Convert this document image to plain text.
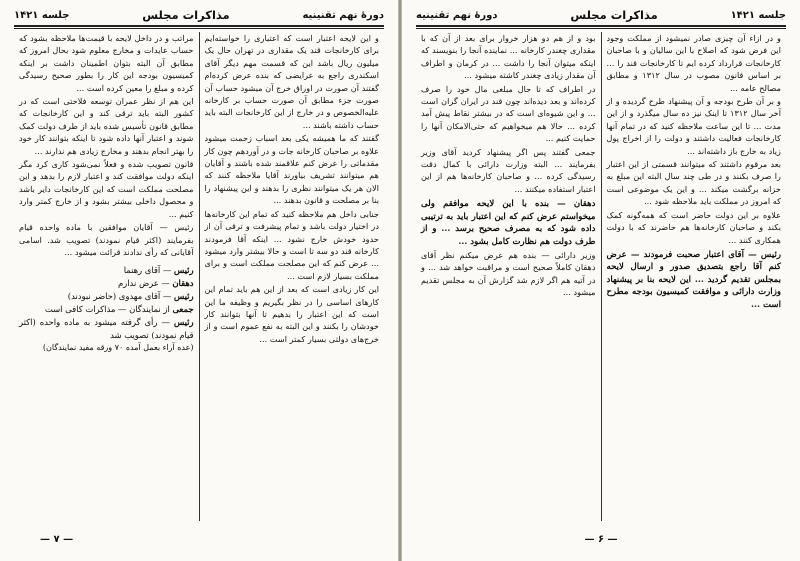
دورهٔ نهم تقنینیه
مذاکرات مجلس
جلسه ۱۴۲۱

و این لایحه اعتبار است که اعتباری را خواسته‌ایم برای کارخانجات قند یک مقداری در تهران حال یک میلیون ریال باشد این که قسمت مهم دیگر آقای اسکندری راجع به عرایضی که بنده عرض کرده‌ام گفتند آن صورت در اوراق خرج آن میشود حساب آن صورت جزء مطابق آن صورت حساب بر کارخانه علیه‌الخصوص و در خارج از این کارخانجات البته باید حساب داشته باشند ...

گفتند که ما همیشه یکی بعد اسباب زحمت میشود علاوه بر صاحبان کارخانه جات و در آوردهم چون کار مقدماتی را عرض کنم علاقمند شده باشند و آقایان هم میتوانند تشریف بیاورند آقایا ملاحظه کنند که الان هر یک میتوانند نظری را بدهند و این پیشنهاد را بنا بر مصلحت و قانون بدهند ...

جنابی داخل هم ملاحظه کنید که تمام این کارخانه‌ها در اختیار دولت باشد و تمام پیشرفت و ترقی آن از حدود خودش خارج نشود ... اینکه آقا فرمودند کارخانه قند دو سه تا است و حالا بیشتر وارد میشود ... عرض کنم که این مصلحت مملکت است و برای مملکت بسیار لازم است ...

این کار زیادی است که بعد از این هم باید تمام این کارهای اساسی را در نظر بگیریم و وظیفه ما این است که این اعتبار را بدهیم تا آنها بتوانند کار خودشان را بکنند و این البته به نفع عموم است و از خرج‌های دولتی بسیار کمتر است ...

مراتب و در داخل لایحه با قیمت‌ها ملاحظه بشود که حساب عایدات و مخارج معلوم شود بحال امروز که مطابق آن البته بتوان اطمینان داشت بر اینکه کمیسیون بودجه این کار را بطور صحیح رسیدگی کرده و مبلغ را معین کرده است ...

این هم از نظر عمران توسعه فلاحتی است که در کشور البته باید ترقی کند و این کارخانجات که مطابق قانون تأسیس شده باید از طرف دولت کمک شوند و اعتبار آنها داده شود تا اینکه بتوانند کار خود را بهتر انجام بدهند و مخارج زیادی هم ندارند ...

قانون تصویب شده و فعلاً نمی‌شود کاری کرد مگر اینکه دولت موافقت کند و اعتبار لازم را بدهد و این مصلحت مملکت است که این کارخانجات دایر باشد و محصول داخلی بیشتر بشود و از خارج کمتر وارد کنیم ...

رئیس — آقایان موافقین با ماده واحده قیام بفرمایند (اکثر قیام نمودند) تصویب شد. اسامی آقایانی که رأی ندادند قرائت میشود ...

رئیس — آقای رهنما
دهقان — عرض ندارم
رئیس — آقای مهدوی (حاضر نبودند)
جمعی از نمایندگان — مذاکرات کافی است
رئیس — رأی گرفته میشود به ماده واحده (اکثر قیام نمودند) تصویب شد

(عده آراء بعمل آمده ۷۰ ورقه مفید نمایندگان)

— ۷ —
جلسه ۱۴۲۱
مذاکرات مجلس
دورهٔ نهم تقنینیه

و در ازاء آن چیزی صادر نمیشود از مملکت وجود این فرض شود که اصلاح با این سالیان و با صاحبان کارخانجات قرارداد کرده ایم تا کارخانجات قند را ... بر اساس قانون مصوب در سال ۱۳۱۲ و مطابق مصالح عامه ...

و بر آن طرح بودجه و آن پیشنهاد طرح گردیده و از آخر سال ۱۳۱۲ تا اینک نیز ده سال میگذرد و از این مدت ... تا این ساعت ملاحظه کنید که در تمام آنها کارخانجات فعالیت داشتند و دولت را از اخراج پول زیاد به خارج باز داشته‌اند ...

بعد مرقوم داشتند که میتوانند قسمتی از این اعتبار را صرف بکنند و در طی چند سال البته این مبلغ به خزانه برگشت میکند ... و این یک موضوعی است که امروز در مملکت باید ملاحظه شود ...

علاوه بر این دولت حاضر است که همه‌گونه کمک بکند و صاحبان کارخانه‌ها هم حاضرند که با دولت همکاری کنند ...

رئیس — آقای اعتبار صحبت فرمودند — عرض کنم آقا راجع بتصدیق صدور و ارسال لایحه بمجلس تقدیم گردید ... این لایحه بنا بر پیشنهاد وزارت دارائی و موافقت کمیسیون بودجه مطرح است ...

بود و از هم دو هزار خروار برای بعد از آن که با مقداری چغندر کارخانه ... نماینده آنجا را بنویسند که اینکه میتوان آنجا را داشت ... در کرمان و اطراف آن مقدار زیادی چغندر کاشته میشود ...

در اطراف که تا حال مبلغی مال خود را صرف کرده‌اند و بعد دیده‌اند چون قند در ایران گران است ... و این شیوه‌ای است که در بیشتر نقاط پیش آمد کرده ... حالا هم میخواهیم که حتی‌الامکان آنها را حمایت کنیم ...

جمعی گفتند پس اگر پیشنهاد کردید آقای وزیر بفرمایند ... البته وزارت دارائی با کمال دقت رسیدگی کرده ... و صاحبان کارخانه‌ها هم از این اعتبار استفاده میکنند ...

دهقان — بنده با این لایحه موافقم ولی میخواستم عرض کنم که این اعتبار باید به ترتیبی داده شود که به مصرف صحیح برسد ... و از طرف دولت هم نظارت کامل بشود ...

وزیر دارائی — بنده هم عرض میکنم نظر آقای دهقان کاملاً صحیح است و مراقبت خواهد شد ... و در آتیه هم اگر لازم شد گزارش آن به مجلس تقدیم میشود ...

— ۶ —
